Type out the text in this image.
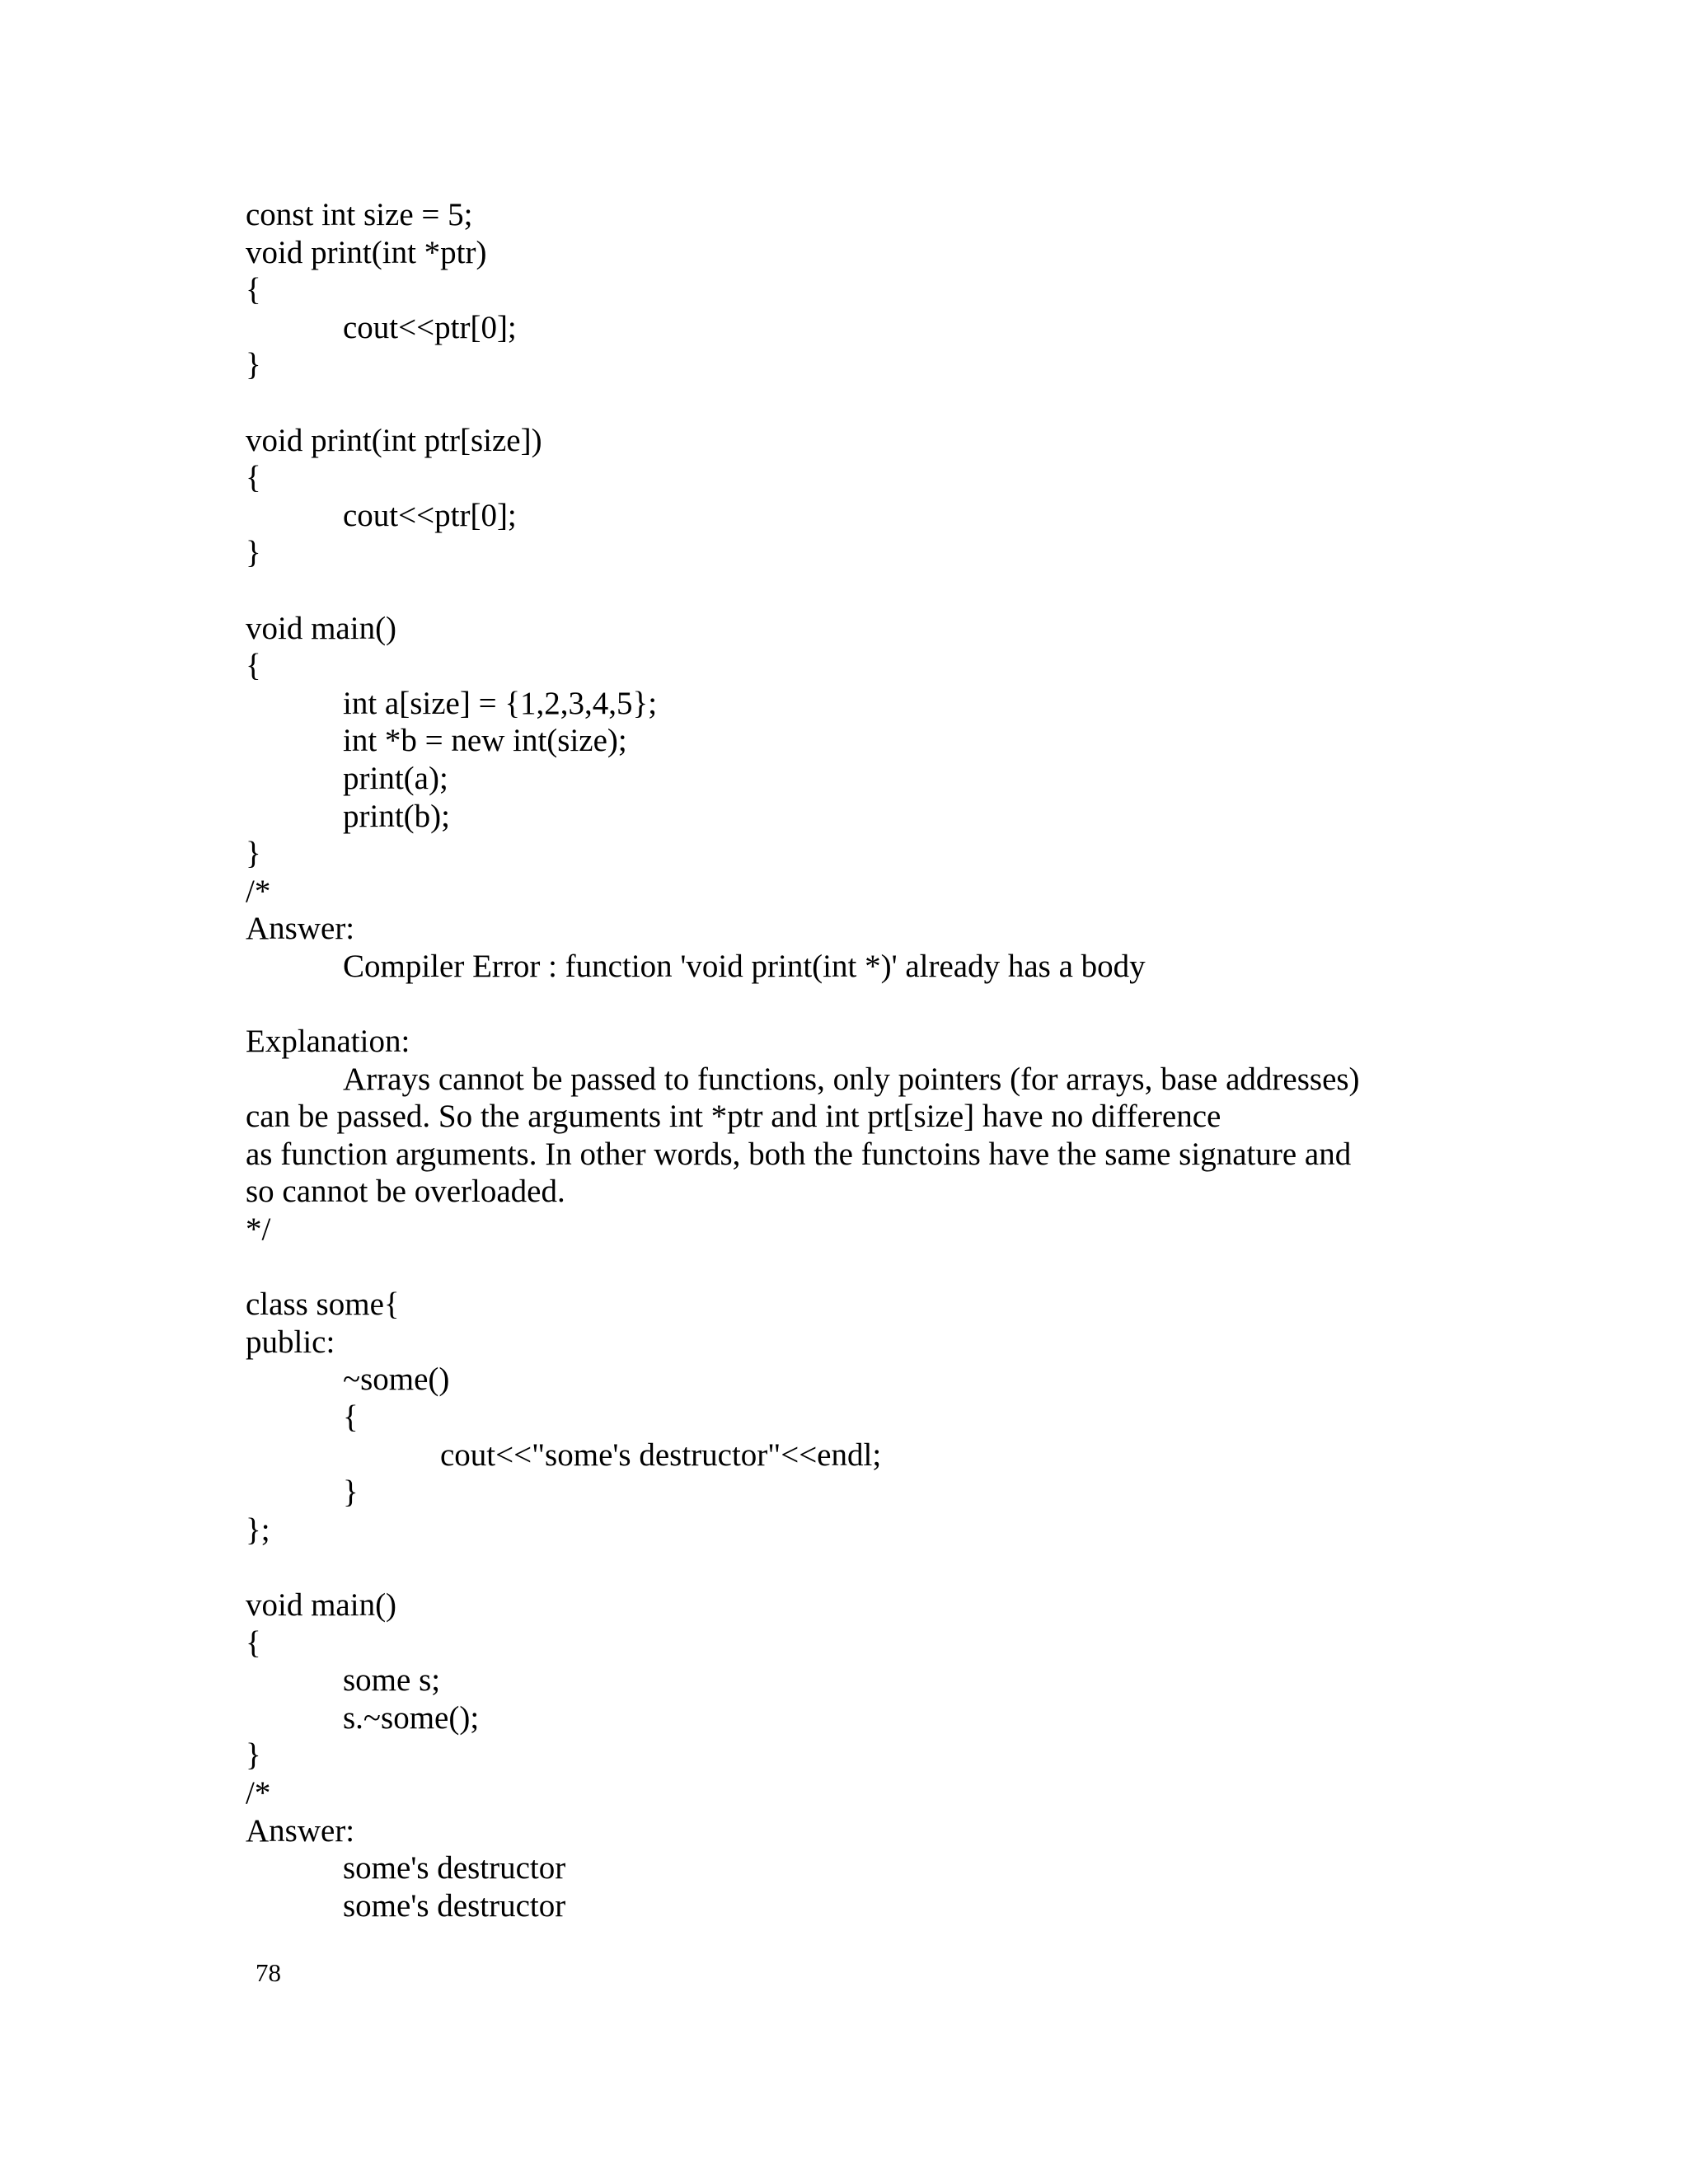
const int size = 5;
void print(int *ptr)
{
cout<<ptr[0];
}
void print(int ptr[size])
{
cout<<ptr[0];
}
void main()
{
int a[size] = {1,2,3,4,5};
int *b = new int(size);
print(a);
print(b);
}
/*
Answer:
Compiler Error : function 'void print(int *)' already has a body
Explanation:
Arrays cannot be passed to functions, only pointers (for arrays, base addresses)
can be passed. So the arguments int *ptr and int prt[size] have no difference
as function arguments. In other words, both the functoins have the same signature and
so cannot be overloaded.
*/
class some{
public:
~some()
{
cout<<"some's destructor"<<endl;
}
};
void main()
{
some s;
s.~some();
}
/*
Answer:
some's destructor
some's destructor
78
